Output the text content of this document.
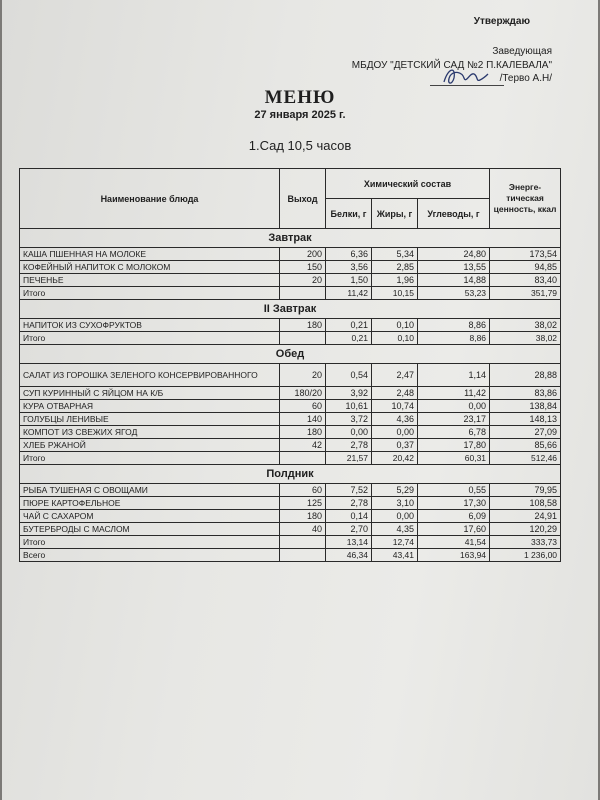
Утверждаю
Заведующая
МБДОУ "ДЕТСКИЙ САД №2 П.КАЛЕВАЛА"
/Терво А.Н/
МЕНЮ
27 января 2025 г.
1.Сад 10,5 часов
Наименование блюда	Выход	Химический состав			Энерге-тическая ценность, ккал
		Белки, г	Жиры, г	Углеводы, г	
Завтрак					
КАША ПШЕННАЯ НА МОЛОКЕ	200	6,36	5,34	24,80	173,54
КОФЕЙНЫЙ НАПИТОК С МОЛОКОМ	150	3,56	2,85	13,55	94,85
ПЕЧЕНЬЕ	20	1,50	1,96	14,88	83,40
Итого		11,42	10,15	53,23	351,79
II Завтрак					
НАПИТОК ИЗ СУХОФРУКТОВ	180	0,21	0,10	8,86	38,02
Итого		0,21	0,10	8,86	38,02
Обед					
САЛАТ ИЗ ГОРОШКА ЗЕЛЕНОГО КОНСЕРВИРОВАННОГО	20	0,54	2,47	1,14	28,88
СУП КУРИННЫЙ С ЯЙЦОМ НА К/Б	180/20	3,92	2,48	11,42	83,86
КУРА ОТВАРНАЯ	60	10,61	10,74	0,00	138,84
ГОЛУБЦЫ ЛЕНИВЫЕ	140	3,72	4,36	23,17	148,13
КОМПОТ ИЗ СВЕЖИХ ЯГОД	180	0,00	0,00	6,78	27,09
ХЛЕБ РЖАНОЙ	42	2,78	0,37	17,80	85,66
Итого		21,57	20,42	60,31	512,46
Полдник					
РЫБА ТУШЕНАЯ С ОВОЩАМИ	60	7,52	5,29	0,55	79,95
ПЮРЕ КАРТОФЕЛЬНОЕ	125	2,78	3,10	17,30	108,58
ЧАЙ С САХАРОМ	180	0,14	0,00	6,09	24,91
БУТЕРБРОДЫ С МАСЛОМ	40	2,70	4,35	17,60	120,29
Итого		13,14	12,74	41,54	333,73
Всего		46,34	43,41	163,94	1 236,00
